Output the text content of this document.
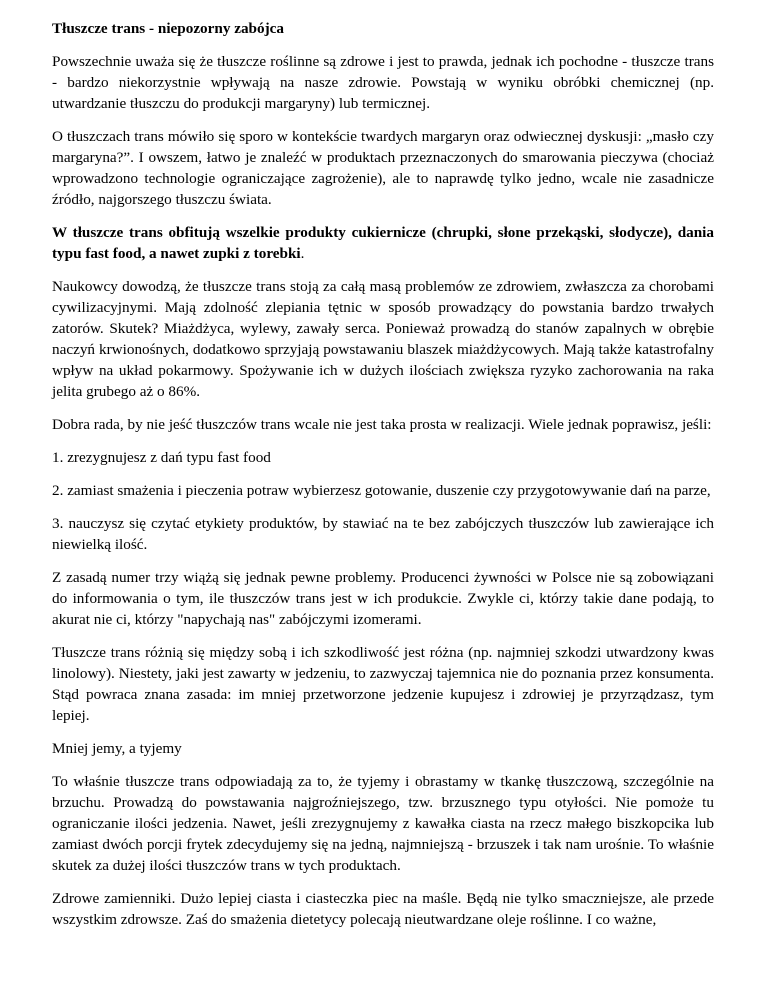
Tłuszcze trans - niepozorny zabójca

Powszechnie uważa się że tłuszcze roślinne są zdrowe i jest to prawda, jednak ich pochodne - tłuszcze trans - bardzo niekorzystnie wpływają na nasze zdrowie. Powstają w wyniku obróbki chemicznej (np. utwardzanie tłuszczu do produkcji margaryny) lub termicznej.

O tłuszczach trans mówiło się sporo w kontekście twardych margaryn oraz odwiecznej dyskusji: „masło czy margaryna?”. I owszem, łatwo je znaleźć w produktach przeznaczonych do smarowania pieczywa (chociaż wprowadzono technologie ograniczające zagrożenie), ale to naprawdę tylko jedno, wcale nie zasadnicze źródło, najgorszego tłuszczu świata.

W tłuszcze trans obfitują wszelkie produkty cukiernicze (chrupki, słone przekąski, słodycze), dania typu fast food, a nawet zupki z torebki.

Naukowcy dowodzą, że tłuszcze trans stoją za całą masą problemów ze zdrowiem, zwłaszcza za chorobami cywilizacyjnymi. Mają zdolność zlepiania tętnic w sposób prowadzący do powstania bardzo trwałych zatorów. Skutek? Miażdżyca, wylewy, zawały serca. Ponieważ prowadzą do stanów zapalnych w obrębie naczyń krwionośnych, dodatkowo sprzyjają powstawaniu blaszek miażdżycowych. Mają także katastrofalny wpływ na układ pokarmowy. Spożywanie ich w dużych ilościach zwiększa ryzyko zachorowania na raka jelita grubego aż o 86%.

Dobra rada, by nie jeść tłuszczów trans wcale nie jest taka prosta w realizacji. Wiele jednak poprawisz, jeśli:

1. zrezygnujesz z dań typu fast food

2. zamiast smażenia i pieczenia potraw wybierzesz gotowanie, duszenie czy przygotowywanie dań na parze,

3. nauczysz się czytać etykiety produktów, by stawiać na te bez zabójczych tłuszczów lub zawierające ich niewielką ilość.

Z zasadą numer trzy wiążą się jednak pewne problemy. Producenci żywności w Polsce nie są zobowiązani do informowania o tym, ile tłuszczów trans jest w ich produkcie. Zwykle ci, którzy takie dane podają, to akurat nie ci, którzy "napychają nas" zabójczymi izomerami.

Tłuszcze trans różnią się między sobą i ich szkodliwość jest różna (np. najmniej szkodzi utwardzony kwas linolowy). Niestety, jaki jest zawarty w jedzeniu, to zazwyczaj tajemnica nie do poznania przez konsumenta. Stąd powraca znana zasada: im mniej przetworzone jedzenie kupujesz i zdrowiej je przyrządzasz, tym lepiej.

Mniej jemy, a tyjemy

To właśnie tłuszcze trans odpowiadają za to, że tyjemy i obrastamy w tkankę tłuszczową, szczególnie na brzuchu. Prowadzą do powstawania najgroźniejszego, tzw. brzusznego typu otyłości. Nie pomoże tu ograniczanie ilości jedzenia. Nawet, jeśli zrezygnujemy z kawałka ciasta na rzecz małego biszkopcika lub zamiast dwóch porcji frytek zdecydujemy się na jedną, najmniejszą - brzuszek i tak nam urośnie. To właśnie skutek za dużej ilości tłuszczów trans w tych produktach.

Zdrowe zamienniki. Dużo lepiej ciasta i ciasteczka piec na maśle. Będą nie tylko smaczniejsze, ale przede wszystkim zdrowsze. Zaś do smażenia dietetycy polecają nieutwardzane oleje roślinne. I co ważne,
